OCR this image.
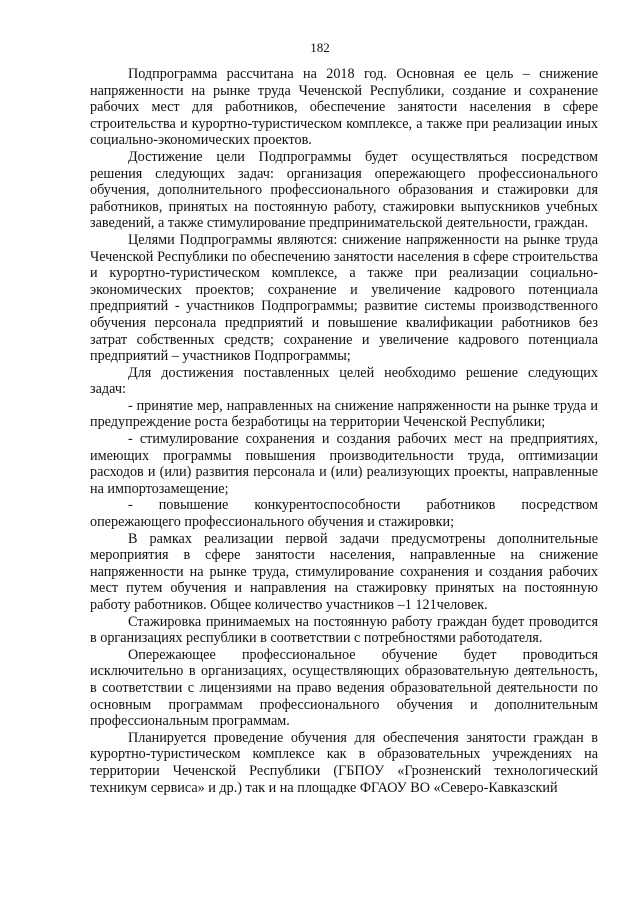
182

Подпрограмма рассчитана на 2018 год. Основная ее цель – снижение напряженности на рынке труда Чеченской Республики, создание и сохранение рабочих мест для работников, обеспечение занятости населения в сфере строительства и курортно-туристическом комплексе, а также при реализации иных социально-экономических проектов.

Достижение цели Подпрограммы будет осуществляться посредством решения следующих задач: организация опережающего профессионального обучения, дополнительного профессионального образования и стажировки для работников, принятых на постоянную работу, стажировки выпускников учебных заведений, а также стимулирование предпринимательской деятельности, граждан.

Целями Подпрограммы являются: снижение напряженности на рынке труда Чеченской Республики по обеспечению занятости населения в сфере строительства и курортно-туристическом комплексе, а также при реализации социально-экономических проектов; сохранение и увеличение кадрового потенциала предприятий - участников Подпрограммы; развитие системы производственного обучения персонала предприятий и повышение квалификации работников без затрат собственных средств; сохранение и увеличение кадрового потенциала предприятий – участников Подпрограммы;

Для достижения поставленных целей необходимо решение следующих задач:

- принятие мер, направленных на снижение напряженности на рынке труда и предупреждение роста безработицы на территории Чеченской Республики;

- стимулирование сохранения и создания рабочих мест на предприятиях, имеющих программы повышения производительности труда, оптимизации расходов и (или) развития персонала и (или) реализующих проекты, направленные на импортозамещение;

- повышение конкурентоспособности работников посредством опережающего профессионального обучения и стажировки;

В рамках реализации первой задачи предусмотрены дополнительные мероприятия в сфере занятости населения, направленные на снижение напряженности на рынке труда, стимулирование сохранения и создания рабочих мест путем обучения и направления на стажировку принятых на постоянную работу работников. Общее количество участников –1 121человек.

Стажировка принимаемых на постоянную работу граждан будет проводится в организациях республики в соответствии с потребностями работодателя.

Опережающее профессиональное обучение будет проводиться исключительно в организациях, осуществляющих образовательную деятельность, в соответствии с лицензиями на право ведения образовательной деятельности по основным программам профессионального обучения и дополнительным профессиональным программам.

Планируется проведение обучения для обеспечения занятости граждан в курортно-туристическом комплексе как в образовательных учреждениях на территории Чеченской Республики (ГБПОУ «Грозненский технологический техникум сервиса» и др.) так и на площадке ФГАОУ ВО «Северо-Кавказский
